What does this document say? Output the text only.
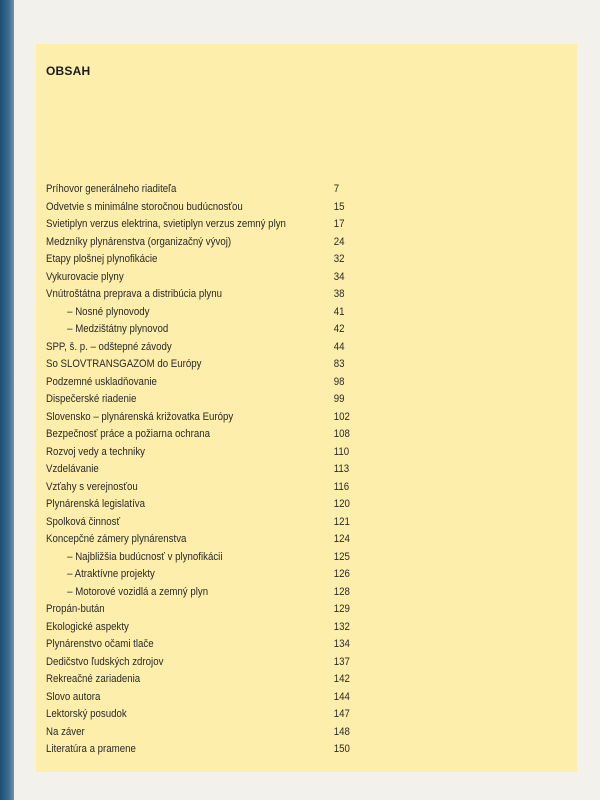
OBSAH
Príhovor generálneho riaditeľa	7
Odvetvie s minimálne storočnou budúcnosťou	15
Svietiplyn verzus elektrina, svietiplyn verzus zemný plyn	17
Medzníky plynárenstva (organizačný vývoj)	24
Etapy plošnej plynofikácie	32
Vykurovacie plyny	34
Vnútroštátna preprava a distribúcia plynu	38
– Nosné plynovody	41
– Medzištátny plynovod	42
SPP, š. p. – odštepné závody	44
So SLOVTRANSGAZOM do Európy	83
Podzemné uskladňovanie	98
Dispečerské riadenie	99
Slovensko – plynárenská križovatka Európy	102
Bezpečnosť práce a požiarna ochrana	108
Rozvoj vedy a techniky	110
Vzdelávanie	113
Vzťahy s verejnosťou	116
Plynárenská legislatíva	120
Spolková činnosť	121
Koncepčné zámery plynárenstva	124
– Najbližšia budúcnosť v plynofikácii	125
– Atraktívne projekty	126
– Motorové vozidlá a zemný plyn	128
Propán-bután	129
Ekologické aspekty	132
Plynárenstvo očami tlače	134
Dedičstvo ľudských zdrojov	137
Rekreačné zariadenia	142
Slovo autora	144
Lektorský posudok	147
Na záver	148
Literatúra a pramene	150
